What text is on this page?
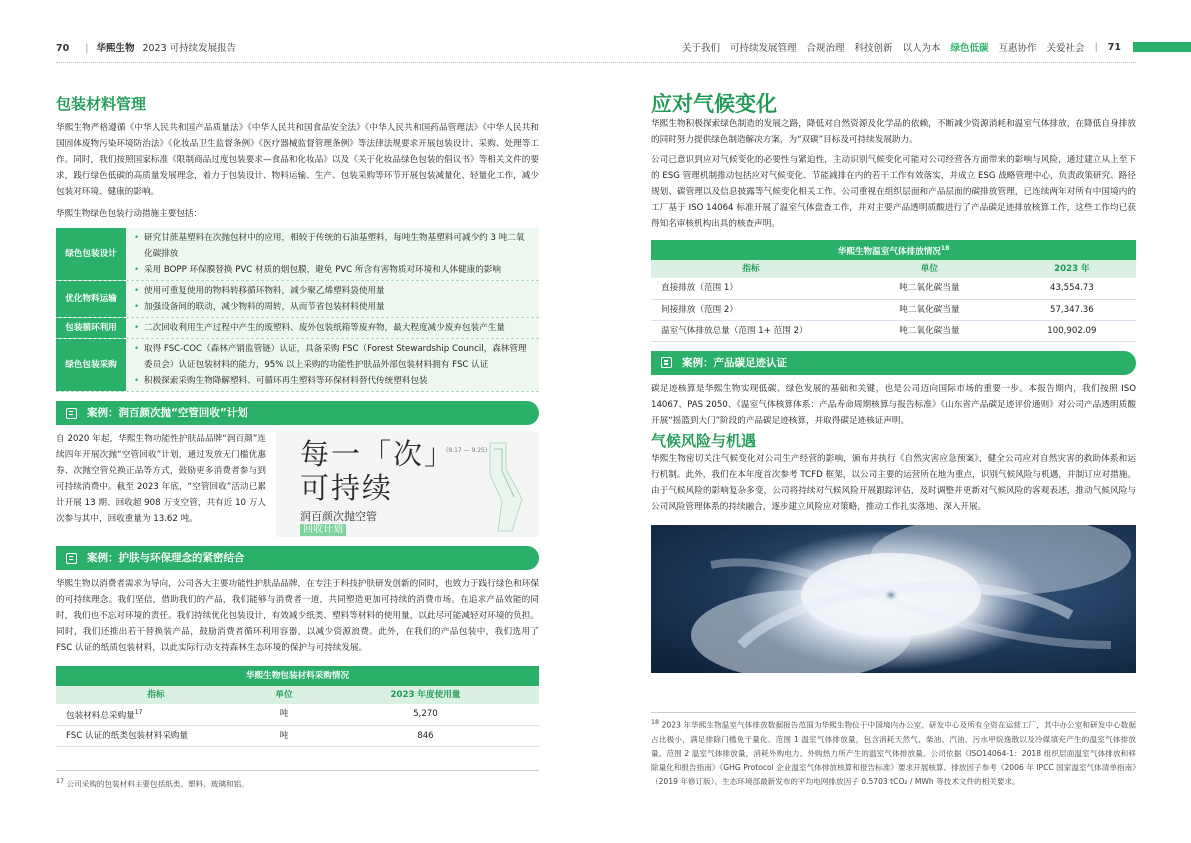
70 | 华熙生物 2023 可持续发展报告	关于我们 可持续发展管理 合规治理 科技创新 以人为本 绿色低碳 互惠协作 关爱社会 | 71
包装材料管理
华熙生物严格遵循《中华人民共和国产品质量法》《中华人民共和国食品安全法》《中华人民共和国药品管理法》《中华人民共和国固体废物污染环境防治法》《化妆品卫生监督条例》《医疗器械监督管理条例》等法律法规要求开展包装设计、采购、处理等工作。同时，我们按照国家标准《限制商品过度包装要求—食品和化妆品》以及《关于化妆品绿色包装的倡议书》等相关文件的要求，践行绿色低碳的高质量发展理念，着力于包装设计、物料运输、生产、包装采购等环节开展包装减量化、轻量化工作，减少包装对环境、健康的影响。
华熙生物绿色包装行动措施主要包括：
绿色包装设计
• 研究甘蔗基塑料在次抛包材中的应用，相较于传统的石油基塑料，每吨生物基塑料可减少约 3 吨二氧化碳排放
• 采用 BOPP 环保膜替换 PVC 材质的烟包膜，避免 PVC 所含有害物质对环境和人体健康的影响
优化物料运输
• 使用可重复使用的物料转移循环物料，减少聚乙烯塑料袋使用量
• 加强设备间的联动，减少物料的周转，从而节省包装材料使用量
包装循环利用	• 二次回收利用生产过程中产生的废塑料、废外包装纸箱等废弃物，最大程度减少废弃包装产生量
绿色包装采购
• 取得 FSC-COC（森林产销监管链）认证，具备采购 FSC（Forest Stewardship Council，森林管理委员会）认证包装材料的能力，95% 以上采购的功能性护肤品外部包装材料拥有 FSC 认证
• 积极探索采购生物降解塑料、可循环再生塑料等环保材料替代传统塑料包装
案例：润百颜次抛“空管回收”计划
自 2020 年起，华熙生物功能性护肤品品牌“润百颜”连续四年开展次抛“空管回收”计划，通过发放无门槛优惠券、次抛空管兑换正品等方式，鼓励更多消费者参与到可持续消费中。截至 2023 年底，“空管回收”活动已累计开展 13 期、回收超 908 万支空管，共有近 10 万人次参与其中，回收重量为 13.62 吨。
每一「次」
可持续
润百颜次抛空管
回收计划
(9.17 — 9.25)
案例：护肤与环保理念的紧密结合
华熙生物以消费者需求为导向，公司各大主要功能性护肤品品牌，在专注于科技护肤研发创新的同时，也致力于践行绿色和环保的可持续理念。我们坚信，借助我们的产品，我们能够与消费者一道，共同塑造更加可持续的消费市场。在追求产品效能的同时，我们也不忘对环境的责任。我们持续优化包装设计，有效减少纸类、塑料等材料的使用量，以此尽可能减轻对环境的负担。同时，我们还推出若干替换装产品，鼓励消费者循环利用容器，以减少资源浪费。此外，在我们的产品包装中，我们选用了 FSC 认证的纸质包装材料，以此实际行动支持森林生态环境的保护与可持续发展。
华熙生物包装材料采购情况		
指标	单位	2023 年度使用量
包装材料总采购量$^{17}$	吨	5,270
FSC 认证的纸类包装材料采购量	吨	846
$^{17}$ 公司采购的包装材料主要包括纸类、塑料、玻璃和铝。
应对气候变化
华熙生物积极探索绿色制造的发展之路，降低对自然资源及化学品的依赖，不断减少资源消耗和温室气体排放，在降低自身排放的同时努力提供绿色制造解决方案，为“双碳”目标及可持续发展助力。
公司已意识到应对气候变化的必要性与紧迫性，主动识别气候变化可能对公司经营各方面带来的影响与风险，通过建立从上至下的 ESG 管理机制推动包括应对气候变化、节能减排在内的若干工作有效落实，并成立 ESG 战略管理中心，负责政策研究、路径规划、碳管理以及信息披露等气候变化相关工作。公司重视在组织层面和产品层面的碳排放管理，已连续两年对所有中国境内的工厂基于 ISO 14064 标准开展了温室气体盘查工作，并对主要产品透明质酸进行了产品碳足迹排放核算工作，这些工作均已获得知名审核机构出具的核查声明。
华熙生物温室气体排放情况$^{18}$
指标	单位	2023 年
直接排放（范围 1）	吨二氧化碳当量	43,554.73
间接排放（范围 2）	吨二氧化碳当量	57,347.36
温室气体排放总量（范围 1+ 范围 2）	吨二氧化碳当量	100,902.09
案例：产品碳足迹认证
碳足迹核算是华熙生物实现低碳、绿色发展的基础和关键，也是公司迈向国际市场的重要一步。本报告期内，我们按照 ISO 14067、PAS 2050、《温室气体核算体系：产品寿命周期核算与报告标准》《山东省产品碳足迹评价通则》对公司产品透明质酸开展“摇篮到大门”阶段的产品碳足迹核算，并取得碳足迹核证声明。
气候风险与机遇
华熙生物密切关注气候变化对公司生产经营的影响，颁布并执行《自然灾害应急预案》，健全公司应对自然灾害的救助体系和运行机制。此外，我们在本年度首次参考 TCFD 框架，以公司主要的运营所在地为重点，识别气候风险与机遇，并制订应对措施。由于气候风险的影响复杂多变，公司将持续对气候风险开展跟踪评估，及时调整并更新对气候风险的客观表述，推动气候风险与公司风险管理体系的持续融合，逐步建立风险应对策略，推动工作扎实落地、深入开展。
$^{18}$ 2023 年华熙生物温室气体排放数据报告范围为华熙生物位于中国境内办公室、研发中心及所有全资在运营工厂，其中办公室和研发中心数据占比极小，满足排除门槛免于量化。范围 1 温室气体排放量，包含消耗天然气、柴油、汽油、污水甲烷逸散以及冷媒填充产生的温室气体排放量。范围 2 温室气体排放量，消耗外购电力、外购热力所产生的温室气体排放量。公司依据《ISO14064-1：2018 组织层面温室气体排放和移除量化和报告指南》《GHG Protocol 企业温室气体排放核算和报告标准》要求开展核算。排放因子参考《2006 年 IPCC 国家温室气体清单指南》（2019 年修订版）、生态环境部最新发布的平均电网排放因子 0.5703 tCO₂ / MWh 等技术文件的相关要求。
